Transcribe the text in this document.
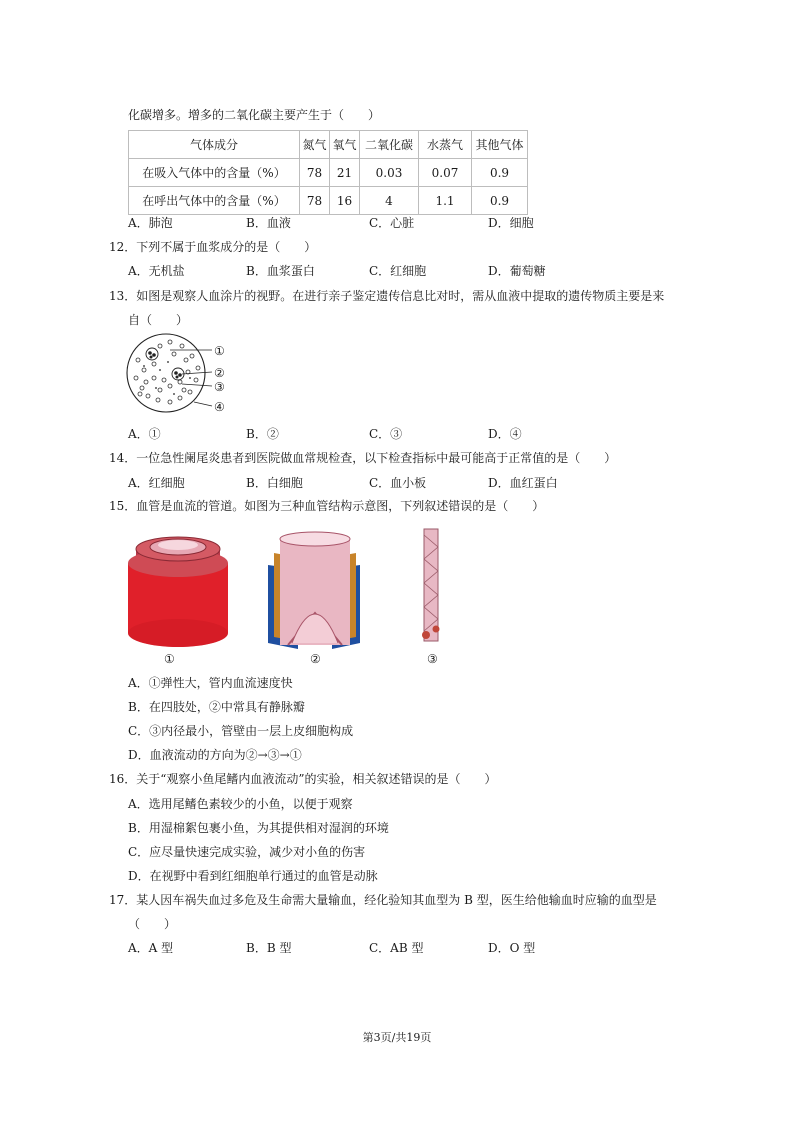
化碳增多。增多的二氧化碳主要产生于（　　）
气体成分	氮气	氧气	二氧化碳	水蒸气	其他气体
在吸入气体中的含量（%）	78	21	0.03	0.07	0.9
在呼出气体中的含量（%）	78	16	4	1.1	0.9
A．肺泡	B．血液	C．心脏	D．细胞
12．下列不属于血浆成分的是（　　）
A．无机盐	B．血浆蛋白	C．红细胞	D．葡萄糖
13．如图是观察人血涂片的视野。在进行亲子鉴定遗传信息比对时，需从血液中提取的遗传物质主要是来
自（　　）
①
②
③
④
A．①	B．②	C．③	D．④
14．一位急性阑尾炎患者到医院做血常规检查，以下检查指标中最可能高于正常值的是（　　）
A．红细胞	B．白细胞	C．血小板	D．血红蛋白
15．血管是血流的管道。如图为三种血管结构示意图，下列叙述错误的是（　　）
①	②	③
A．①弹性大，管内血流速度快
B．在四肢处，②中常具有静脉瓣
C．③内径最小，管壁由一层上皮细胞构成
D．血液流动的方向为②→③→①
16．关于“观察小鱼尾鳍内血液流动”的实验，相关叙述错误的是（　　）
A．选用尾鳍色素较少的小鱼，以便于观察
B．用湿棉絮包裹小鱼，为其提供相对湿润的环境
C．应尽量快速完成实验，减少对小鱼的伤害
D．在视野中看到红细胞单行通过的血管是动脉
17．某人因车祸失血过多危及生命需大量输血，经化验知其血型为 B 型，医生给他输血时应输的血型是
（　　）
A．A 型	B．B 型	C．AB 型	D．O 型
第3页/共19页
